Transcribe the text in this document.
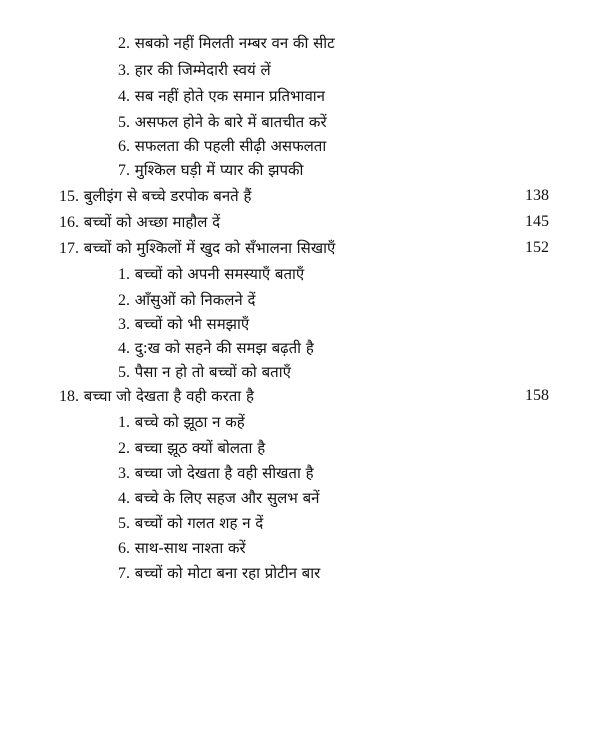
2. सबको नहीं मिलती नम्बर वन की सीट
3. हार की जिम्मेदारी स्वयं लें
4. सब नहीं होते एक समान प्रतिभावान
5. असफल होने के बारे में बातचीत करें
6. सफलता की पहली सीढ़ी असफलता
7. मुश्किल घड़ी में प्यार की झपकी
15. बुलीइंग से बच्चे डरपोक बनते हैं	138
16. बच्चों को अच्छा माहौल दें	145
17. बच्चों को मुश्किलों में खुद को सँभालना सिखाएँ	152
1. बच्चों को अपनी समस्याएँ बताएँ
2. आँसुओं को निकलने दें
3. बच्चों को भी समझाएँ
4. दु:ख को सहने की समझ बढ़ती है
5. पैसा न हो तो बच्चों को बताएँ
18. बच्चा जो देखता है वही करता है	158
1. बच्चे को झूठा न कहें
2. बच्चा झूठ क्यों बोलता है
3. बच्चा जो देखता है वही सीखता है
4. बच्चे के लिए सहज और सुलभ बनें
5. बच्चों को गलत शह न दें
6. साथ-साथ नाश्ता करें
7. बच्चों को मोटा बना रहा प्रोटीन बार
